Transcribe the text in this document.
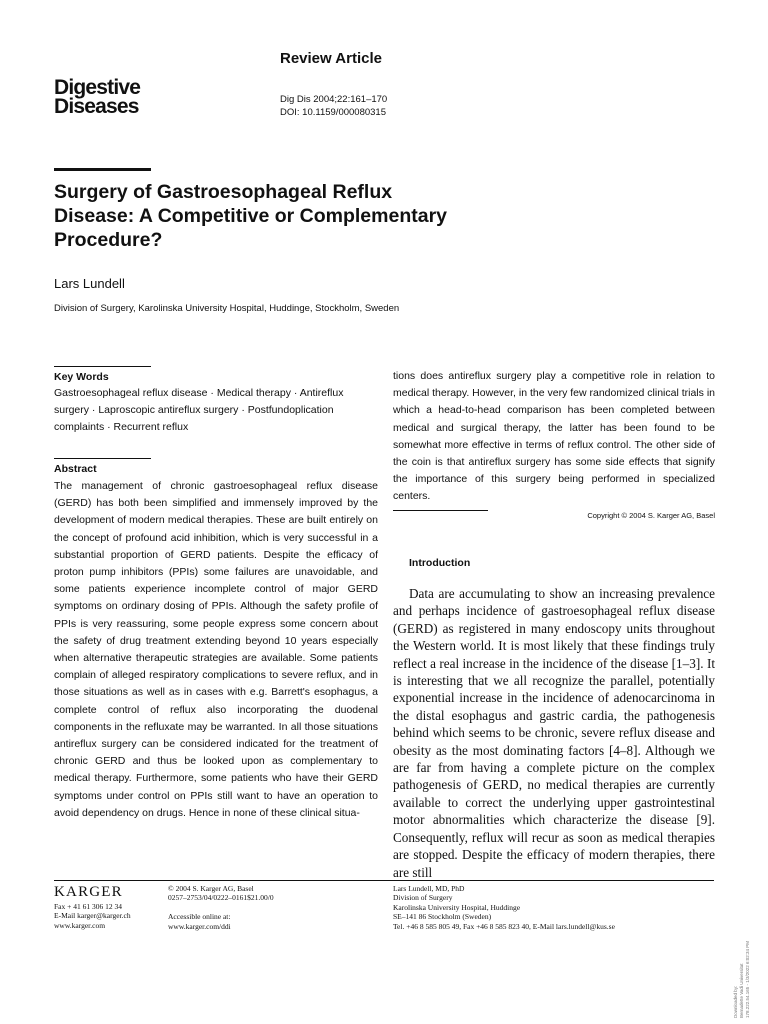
Review Article
Digestive
Diseases	Dig Dis 2004;22:161–170
DOI: 10.1159/000080315
Surgery of Gastroesophageal Reflux Disease: A Competitive or Complementary Procedure?
Lars Lundell
Division of Surgery, Karolinska University Hospital, Huddinge, Stockholm, Sweden
Key Words
Gastroesophageal reflux disease · Medical therapy · Antireflux surgery · Laproscopic antireflux surgery · Postfundoplication complaints · Recurrent reflux
Abstract
The management of chronic gastroesophageal reflux disease (GERD) has both been simplified and immensely improved by the development of modern medical therapies. These are built entirely on the concept of profound acid inhibition, which is very successful in a substantial proportion of GERD patients. Despite the efficacy of proton pump inhibitors (PPIs) some failures are unavoidable, and some patients experience incomplete control of major GERD symptoms on ordinary dosing of PPIs. Although the safety profile of PPIs is very reassuring, some people express some concern about the safety of drug treatment extending beyond 10 years especially when alternative therapeutic strategies are available. Some patients complain of alleged respiratory complications to severe reflux, and in those situations as well as in cases with e.g. Barrett's esophagus, a complete control of reflux also incorporating the duodenal components in the refluxate may be warranted. In all those situations antireflux surgery can be considered indicated for the treatment of chronic GERD and thus be looked upon as complementary to medical therapy. Furthermore, some patients who have their GERD symptoms under control on PPIs still want to have an operation to avoid dependency on drugs. Hence in none of these clinical situa-
tions does antireflux surgery play a competitive role in relation to medical therapy. However, in the very few randomized clinical trials in which a head-to-head comparison has been completed between medical and surgical therapy, the latter has been found to be somewhat more effective in terms of reflux control. The other side of the coin is that antireflux surgery has some side effects that signify the importance of this surgery being performed in specialized centers.
Copyright © 2004 S. Karger AG, Basel
Introduction
Data are accumulating to show an increasing prevalence and perhaps incidence of gastroesophageal reflux disease (GERD) as registered in many endoscopy units throughout the Western world. It is most likely that these findings truly reflect a real increase in the incidence of the disease [1–3]. It is interesting that we all recognize the parallel, potentially exponential increase in the incidence of adenocarcinoma in the distal esophagus and gastric cardia, the pathogenesis behind which seems to be chronic, severe reflux disease and obesity as the most dominating factors [4–8]. Although we are far from having a complete picture on the complex pathogenesis of GERD, no medical therapies are currently available to correct the underlying upper gastrointestinal motor abnormalities which characterize the disease [9]. Consequently, reflux will recur as soon as medical therapies are stopped. Despite the efficacy of modern therapies, there are still
KARGER
Fax + 41 61 306 12 34
E-Mail karger@karger.ch
www.karger.com
© 2004 S. Karger AG, Basel
0257–2753/04/0222–0161$21.00/0

Accessible online at:
www.karger.com/ddi
Lars Lundell, MD, PhD
Division of Surgery
Karolinska University Hospital, Huddinge
SE–141 86 Stockholm (Sweden)
Tel. +46 8 585 805 49, Fax +46 8 585 823 40, E-Mail lars.lundell@kus.se
Downloaded by: Bernadette Vadi Universitat 178.222.54.165 - 1/3/2022 6:02:34 PM
